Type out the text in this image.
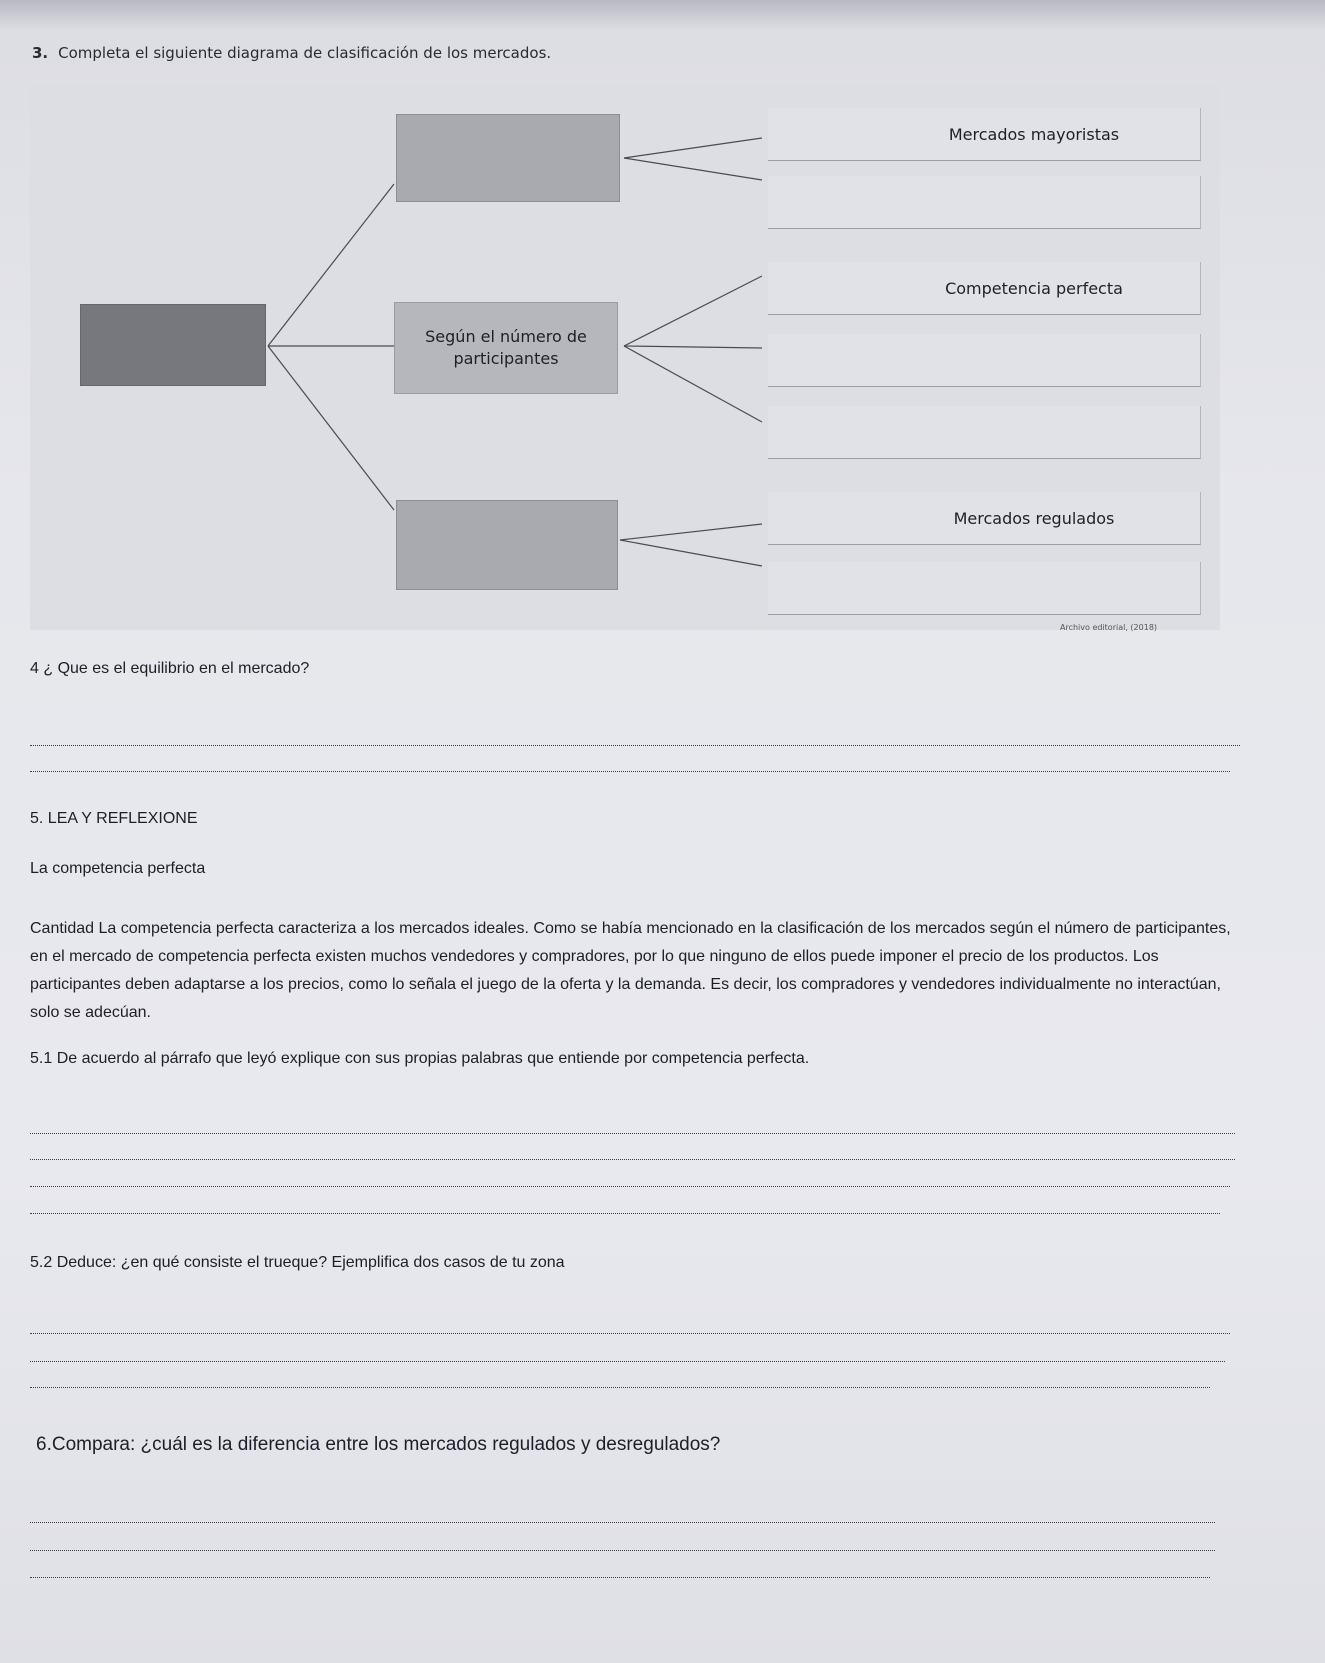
3. Completa el siguiente diagrama de clasificación de los mercados.
Según el número de participantes
Mercados mayoristas
Competencia perfecta
Mercados regulados
Archivo editorial, (2018)
4 ¿ Que es el equilibrio en el mercado?
5. LEA Y REFLEXIONE
La competencia perfecta
Cantidad La competencia perfecta caracteriza a los mercados ideales. Como se había mencionado en la clasificación de los mercados según el número de participantes, en el mercado de competencia perfecta existen muchos vendedores y compradores, por lo que ninguno de ellos puede imponer el precio de los productos. Los participantes deben adaptarse a los precios, como lo señala el juego de la oferta y la demanda. Es decir, los compradores y vendedores individualmente no interactúan, solo se adecúan.
5.1 De acuerdo al párrafo que leyó explique con sus propias palabras que entiende por competencia perfecta.
5.2 Deduce: ¿en qué consiste el trueque? Ejemplifica dos casos de tu zona
6.Compara: ¿cuál es la diferencia entre los mercados regulados y desregulados?
